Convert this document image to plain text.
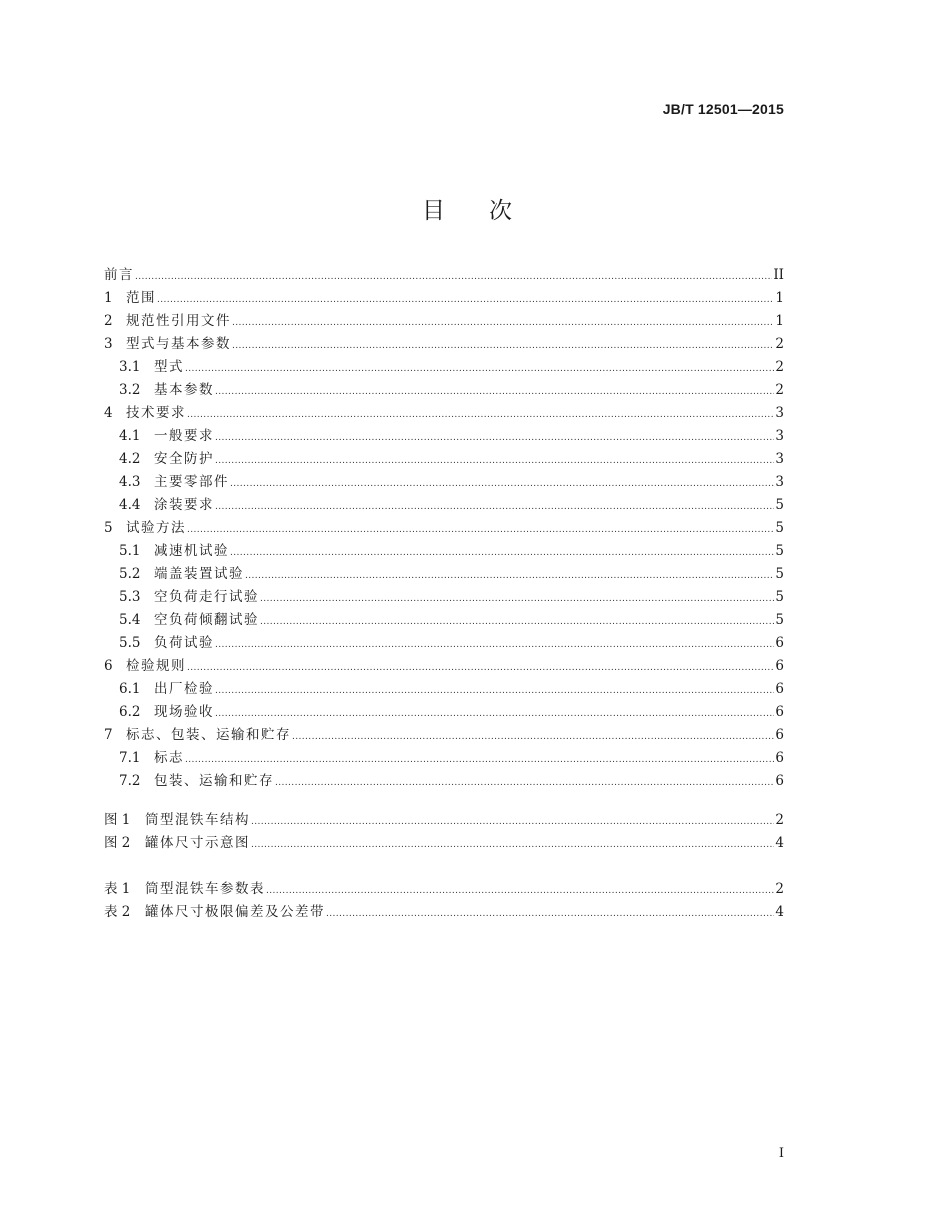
JB/T 12501—2015
目次
前言 .....	II
1 范围 .....	1
2 规范性引用文件 .....	1
3 型式与基本参数 .....	2
3.1	型式 .....	2
3.2	基本参数 .....	2
4 技术要求 .....	3
4.1	一般要求 .....	3
4.2	安全防护 .....	3
4.3	主要零部件 .....	3
4.4	涂装要求 .....	5
5 试验方法 .....	5
5.1	减速机试验 .....	5
5.2	端盖装置试验 .....	5
5.3	空负荷走行试验 .....	5
5.4	空负荷倾翻试验 .....	5
5.5	负荷试验 .....	6
6 检验规则 .....	6
6.1	出厂检验 .....	6
6.2	现场验收 .....	6
7 标志、包装、运输和贮存 .....	6
7.1	标志 .....	6
7.2	包装、运输和贮存 .....	6
图 1	筒型混铁车结构 .....	2
图 2	罐体尺寸示意图 .....	4
表 1	筒型混铁车参数表 .....	2
表 2	罐体尺寸极限偏差及公差带 .....	4
I
